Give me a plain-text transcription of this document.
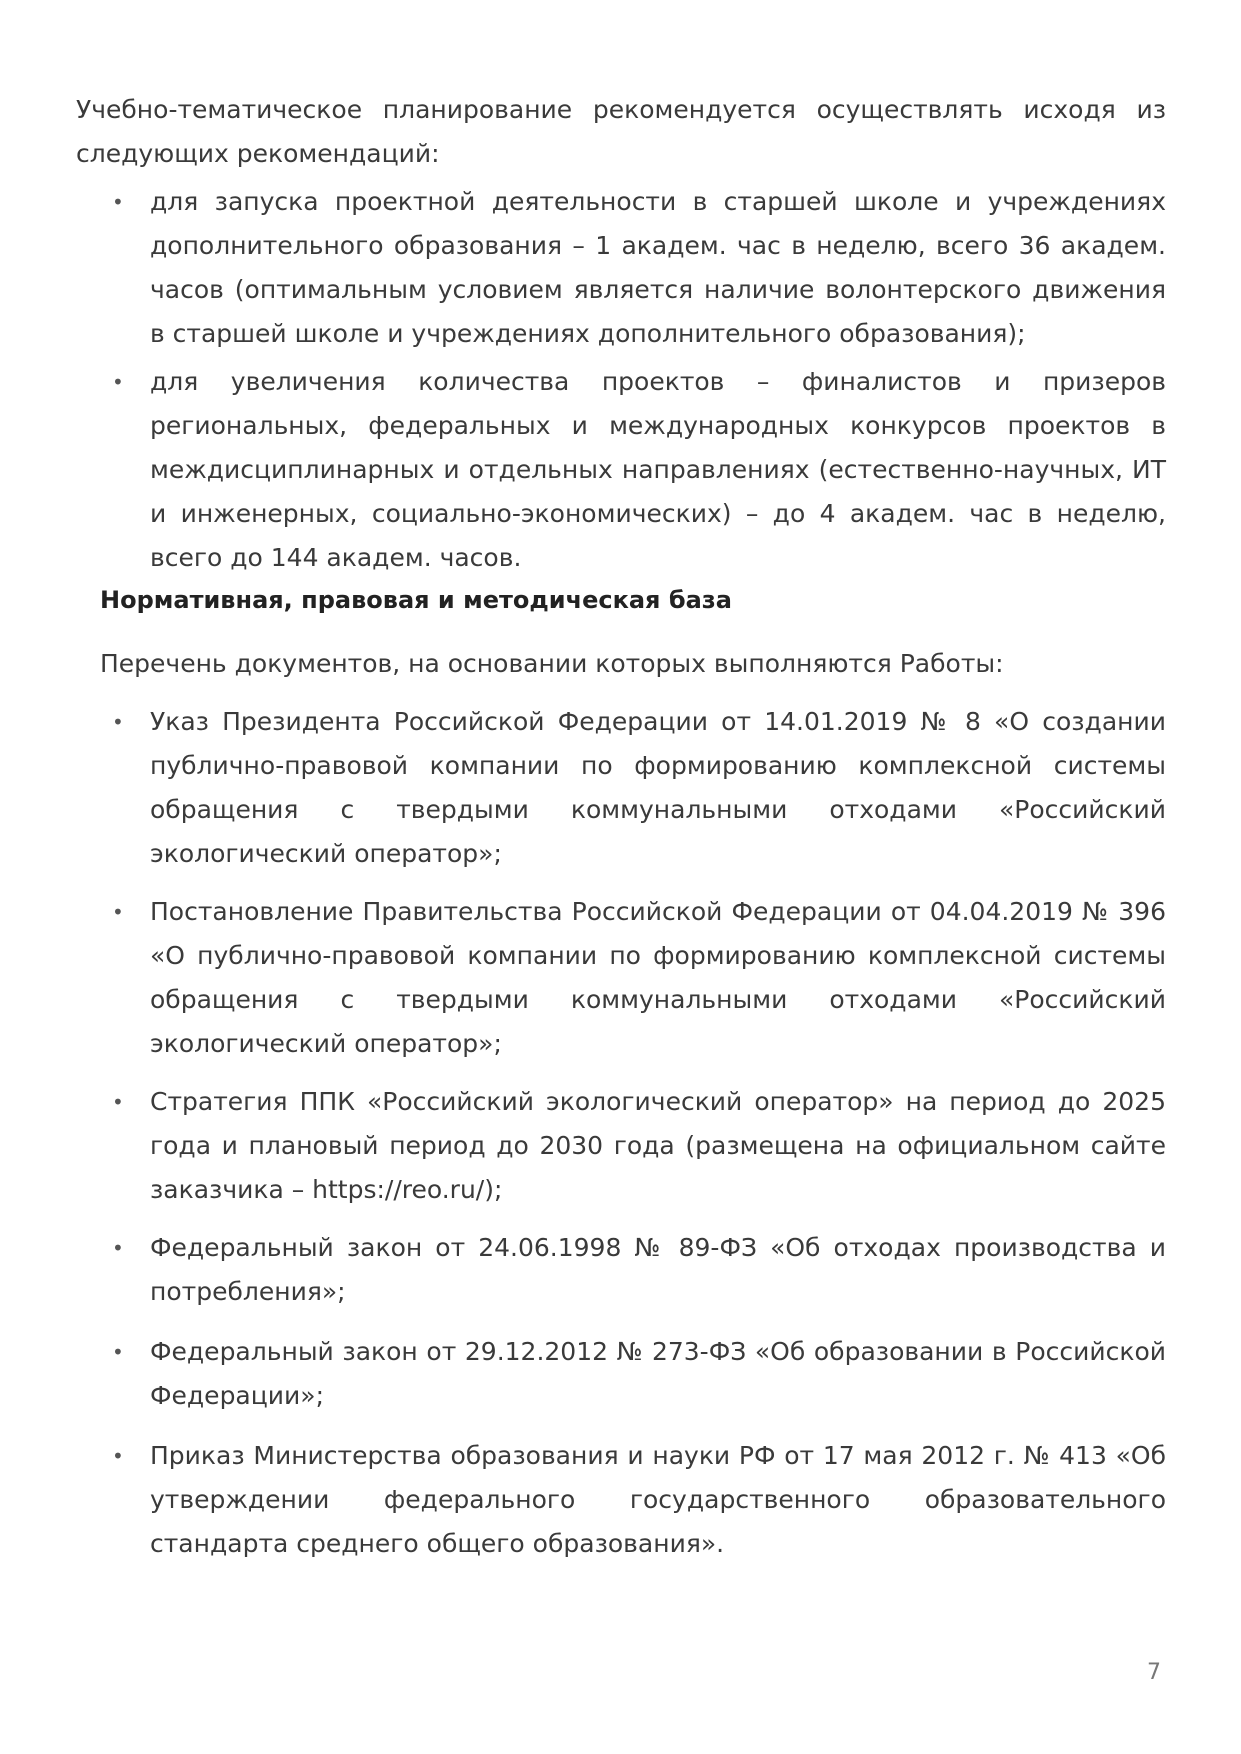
Учебно-тематическое планирование рекомендуется осуществлять исходя из следующих рекомендаций:

• для запуска проектной деятельности в старшей школе и учреждениях дополнительного образования – 1 академ. час в неделю, всего 36 академ. часов (оптимальным условием является наличие волонтерского движения в старшей школе и учреждениях дополнительного образования);
• для увеличения количества проектов – финалистов и призеров региональных, федеральных и международных конкурсов проектов в междисциплинарных и отдельных направлениях (естественно-научных, ИТ и инженерных, социально-экономических) – до 4 академ. час в неделю, всего до 144 академ. часов.
Нормативная, правовая и методическая база

Перечень документов, на основании которых выполняются Работы:

• Указ Президента Российской Федерации от 14.01.2019 № 8 «О создании публично-правовой компании по формированию комплексной системы обращения с твердыми коммунальными отходами «Российский экологический оператор»;
• Постановление Правительства Российской Федерации от 04.04.2019 № 396 «О публично-правовой компании по формированию комплексной системы обращения с твердыми коммунальными отходами «Российский экологический оператор»;
• Стратегия ППК «Российский экологический оператор» на период до 2025 года и плановый период до 2030 года (размещена на официальном сайте заказчика – https://reo.ru/);
• Федеральный закон от 24.06.1998 № 89-ФЗ «Об отходах производства и потребления»;
• Федеральный закон от 29.12.2012 № 273-ФЗ «Об образовании в Российской Федерации»;
• Приказ Министерства образования и науки РФ от 17 мая 2012 г. № 413 «Об утверждении федерального государственного образовательного стандарта среднего общего образования».
7
